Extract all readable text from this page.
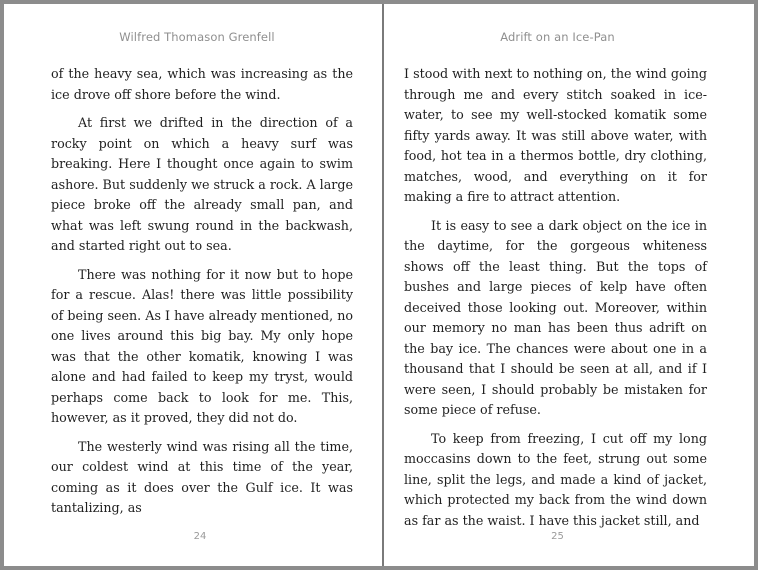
Wilfred Thomason Grenfell

of the heavy sea, which was increasing as the ice drove off shore before the wind.

At first we drifted in the direction of a rocky point on which a heavy surf was breaking. Here I thought once again to swim ashore. But suddenly we struck a rock. A large piece broke off the already small pan, and what was left swung round in the backwash, and started right out to sea.

There was nothing for it now but to hope for a rescue. Alas! there was little possibility of being seen. As I have already mentioned, no one lives around this big bay. My only hope was that the other komatik, knowing I was alone and had failed to keep my tryst, would perhaps come back to look for me. This, however, as it proved, they did not do.

The westerly wind was rising all the time, our coldest wind at this time of the year, coming as it does over the Gulf ice. It was tantalizing, as

24
Adrift on an Ice-Pan

I stood with next to nothing on, the wind going through me and every stitch soaked in ice-water, to see my well-stocked komatik some fifty yards away. It was still above water, with food, hot tea in a thermos bottle, dry clothing, matches, wood, and everything on it for making a fire to attract attention.

It is easy to see a dark object on the ice in the daytime, for the gorgeous whiteness shows off the least thing. But the tops of bushes and large pieces of kelp have often deceived those looking out. Moreover, within our memory no man has been thus adrift on the bay ice. The chances were about one in a thousand that I should be seen at all, and if I were seen, I should probably be mistaken for some piece of refuse.

To keep from freezing, I cut off my long moccasins down to the feet, strung out some line, split the legs, and made a kind of jacket, which protected my back from the wind down as far as the waist. I have this jacket still, and

25
